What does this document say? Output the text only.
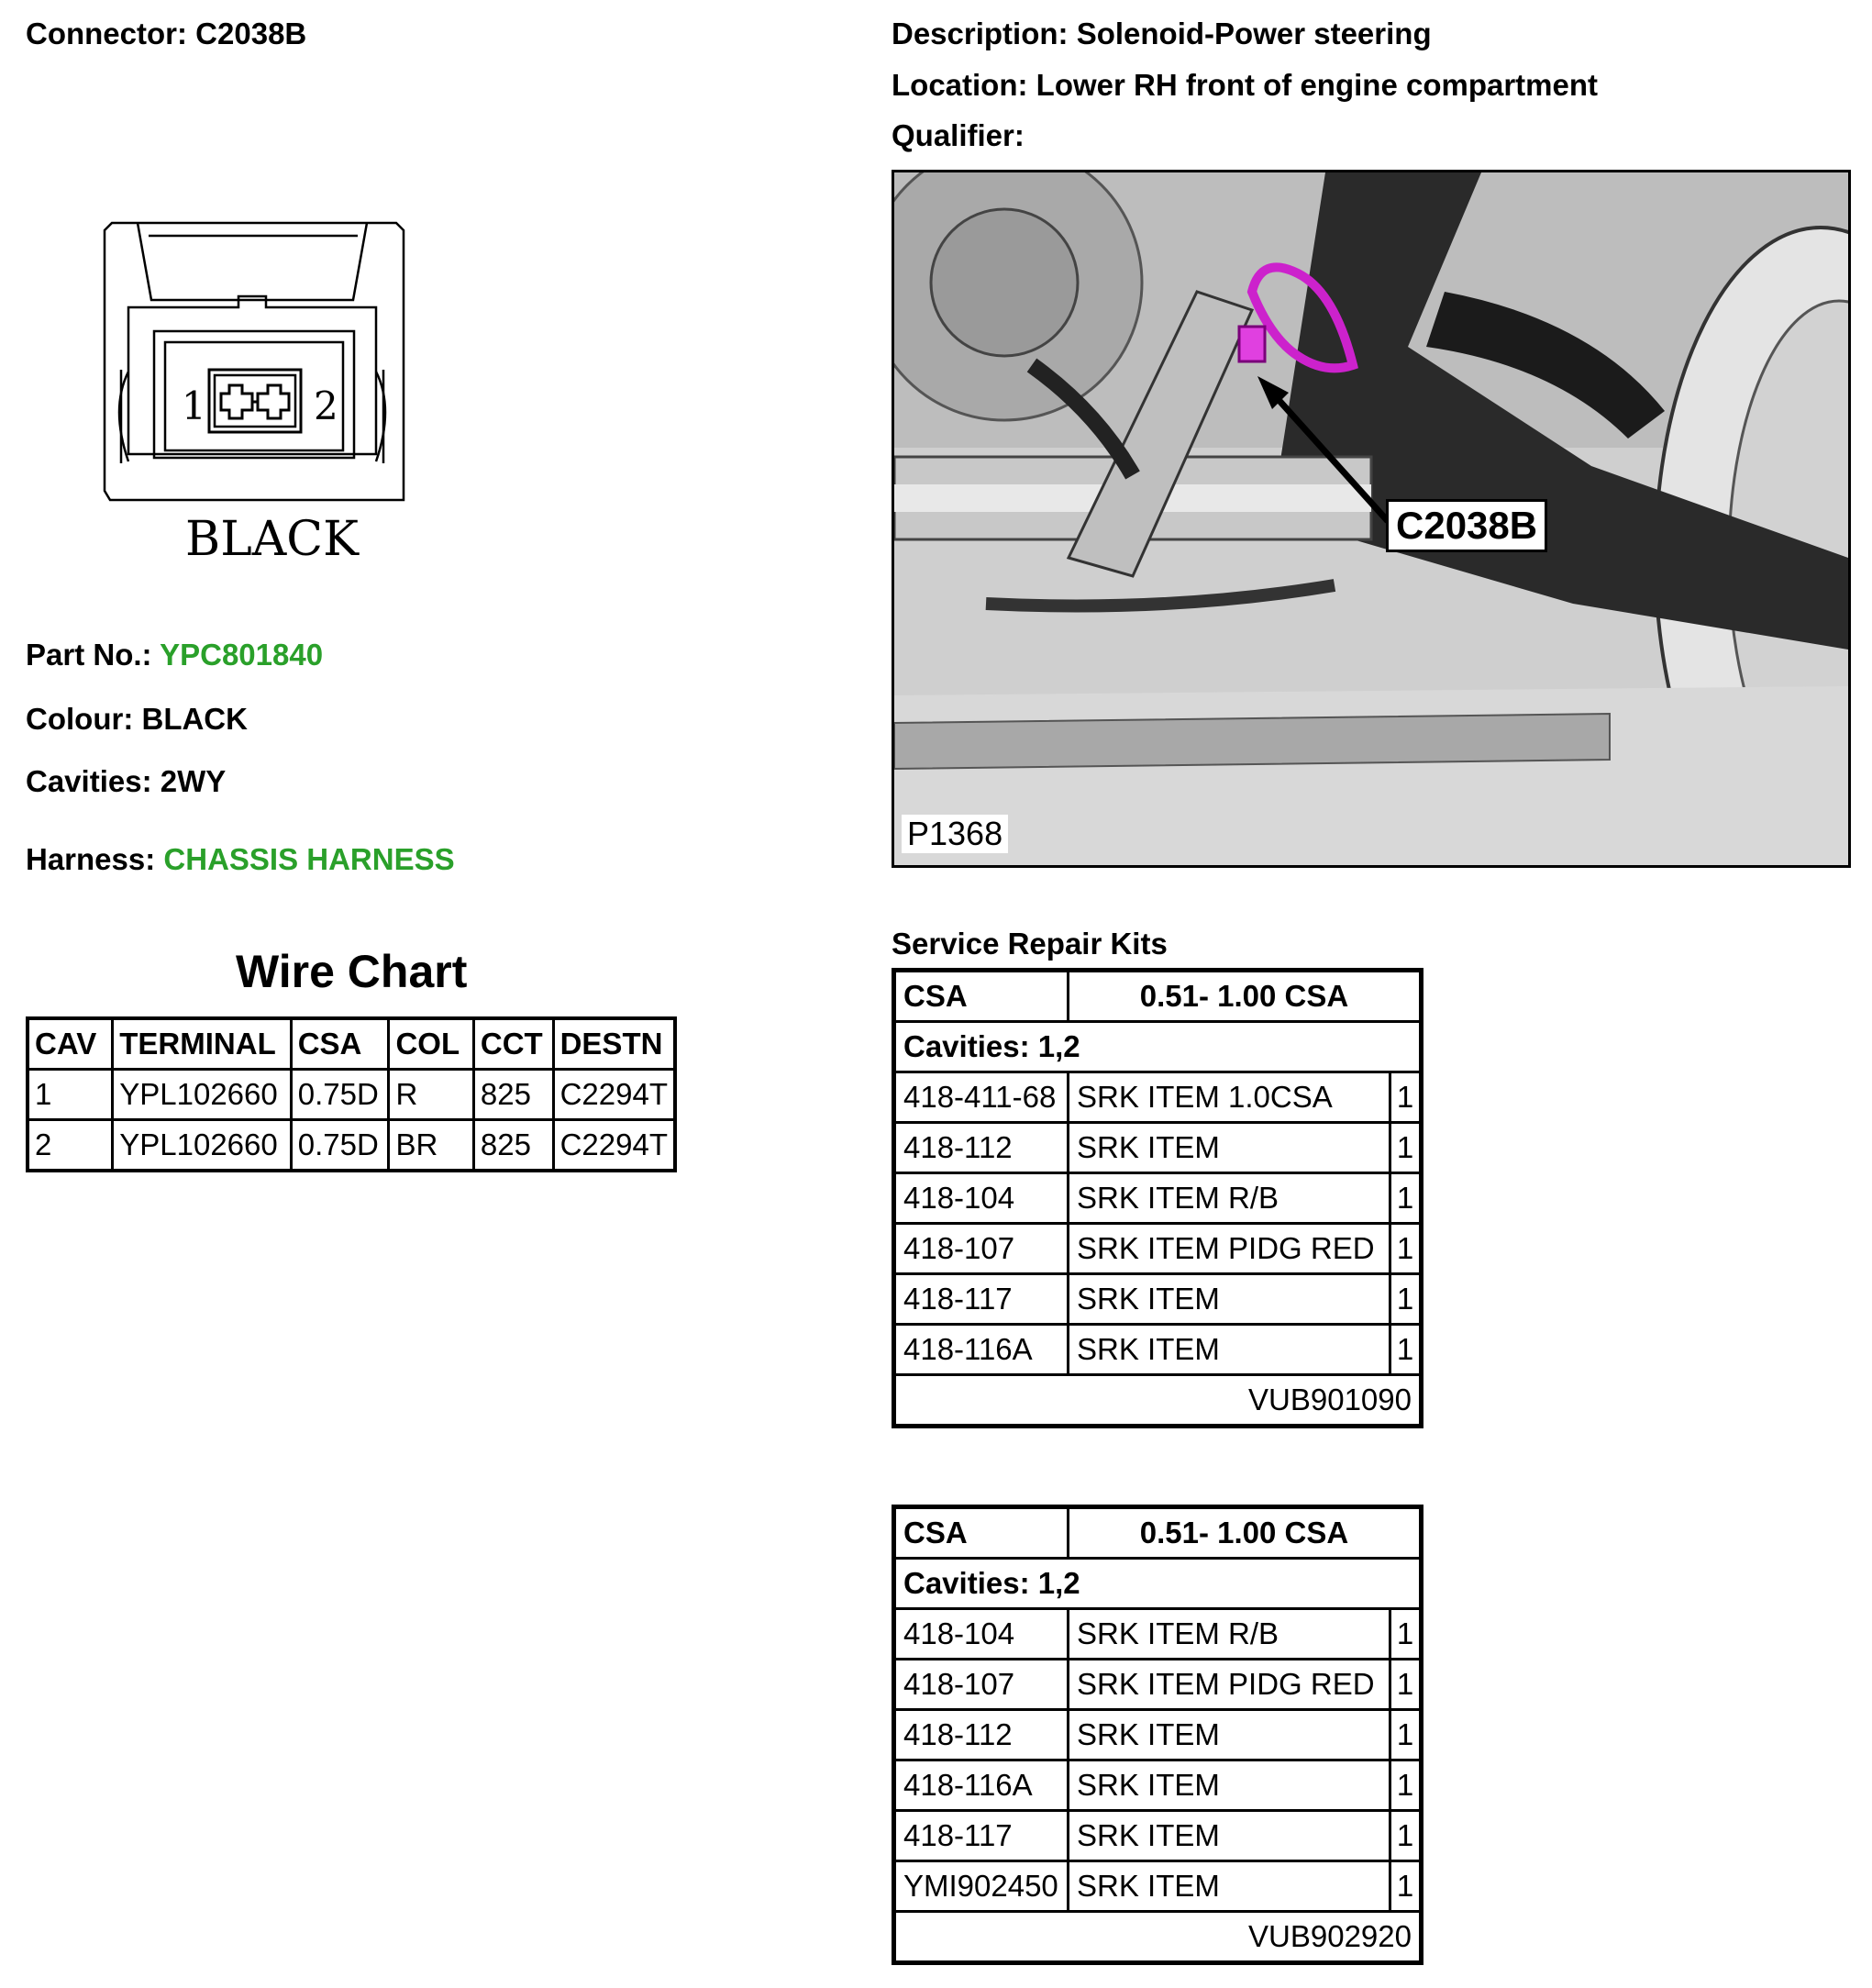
Connector: C2038B	Description: Solenoid-Power steering
Location: Lower RH front of engine compartment
Qualifier:
1	2
BLACK
Part No.: YPC801840
Colour: BLACK
Cavities: 2WY
Harness: CHASSIS HARNESS
Wire Chart
CAV	TERMINAL	CSA	COL	CCT	DESTN
1	YPL102660	0.75D	R	825	C2294T
2	YPL102660	0.75D	BR	825	C2294T
C2038B
P1368
Service Repair Kits
CSA	0.51- 1.00 CSA	
Cavities: 1,2		
418-411-68	SRK ITEM 1.0CSA	1
418-112	SRK ITEM	1
418-104	SRK ITEM R/B	1
418-107	SRK ITEM PIDG RED	1
418-117	SRK ITEM	1
418-116A	SRK ITEM	1
VUB901090		
CSA	0.51- 1.00 CSA	
Cavities: 1,2		
418-104	SRK ITEM R/B	1
418-107	SRK ITEM PIDG RED	1
418-112	SRK ITEM	1
418-116A	SRK ITEM	1
418-117	SRK ITEM	1
YMI902450	SRK ITEM	1
VUB902920		
